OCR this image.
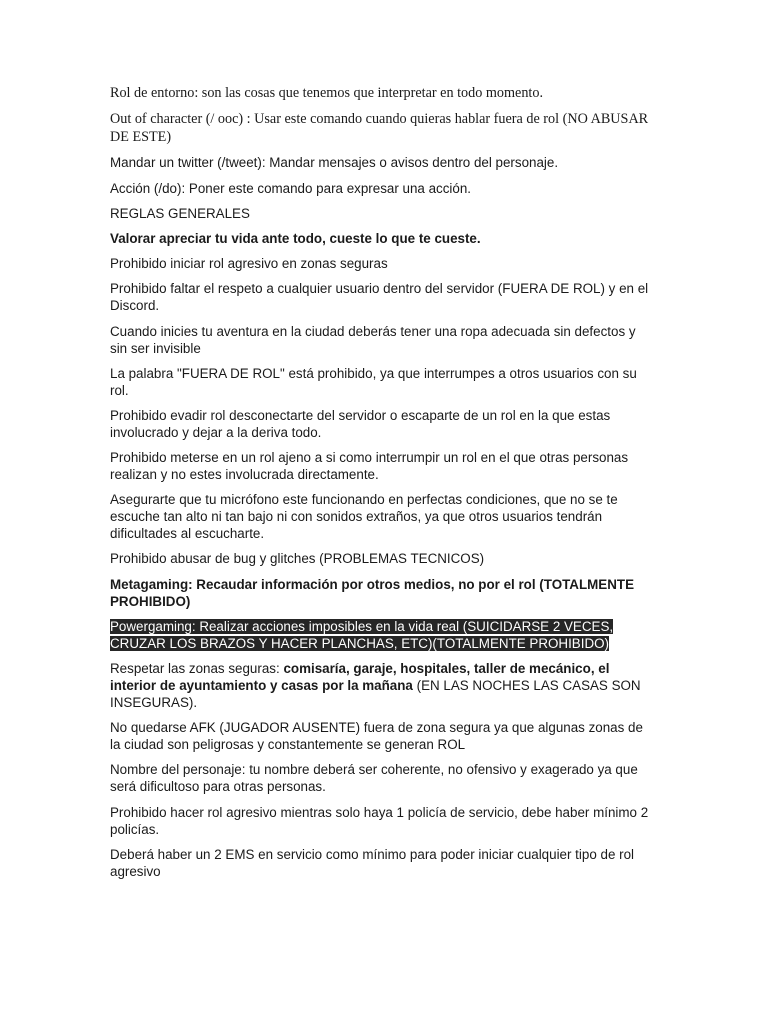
Rol de entorno: son las cosas que tenemos que interpretar en todo momento.

Out of character (/ ooc) : Usar este comando cuando quieras hablar fuera de rol (NO ABUSAR DE ESTE)

Mandar un twitter (/tweet): Mandar mensajes o avisos dentro del personaje.

Acción (/do): Poner este comando para expresar una acción.

REGLAS GENERALES

Valorar apreciar tu vida ante todo, cueste lo que te cueste.

Prohibido iniciar rol agresivo en zonas seguras

Prohibido faltar el respeto a cualquier usuario dentro del servidor (FUERA DE ROL) y en el Discord.

Cuando inicies tu aventura en la ciudad deberás tener una ropa adecuada sin defectos y sin ser invisible

La palabra "FUERA DE ROL" está prohibido, ya que interrumpes a otros usuarios con su rol.

Prohibido evadir rol desconectarte del servidor o escaparte de un rol en la que estas involucrado y dejar a la deriva todo.

Prohibido meterse en un rol ajeno a si como interrumpir un rol en el que otras personas realizan y no estes involucrada directamente.

Asegurarte que tu micrófono este funcionando en perfectas condiciones, que no se te escuche tan alto ni tan bajo ni con sonidos extraños, ya que otros usuarios tendrán dificultades al escucharte.

Prohibido abusar de bug y glitches (PROBLEMAS TECNICOS)

Metagaming: Recaudar información por otros medios, no por el rol (TOTALMENTE PROHIBIDO)

Powergaming: Realizar acciones imposibles en la vida real (SUICIDARSE 2 VECES, CRUZAR LOS BRAZOS Y HACER PLANCHAS, ETC)(TOTALMENTE PROHIBIDO)

Respetar las zonas seguras: comisaría, garaje, hospitales, taller de mecánico, el interior de ayuntamiento y casas por la mañana (EN LAS NOCHES LAS CASAS SON INSEGURAS).

No quedarse AFK (JUGADOR AUSENTE) fuera de zona segura ya que algunas zonas de la ciudad son peligrosas y constantemente se generan ROL

Nombre del personaje: tu nombre deberá ser coherente, no ofensivo y exagerado ya que será dificultoso para otras personas.

Prohibido hacer rol agresivo mientras solo haya 1 policía de servicio, debe haber mínimo 2 policías.

Deberá haber un 2 EMS en servicio como mínimo para poder iniciar cualquier tipo de rol agresivo
